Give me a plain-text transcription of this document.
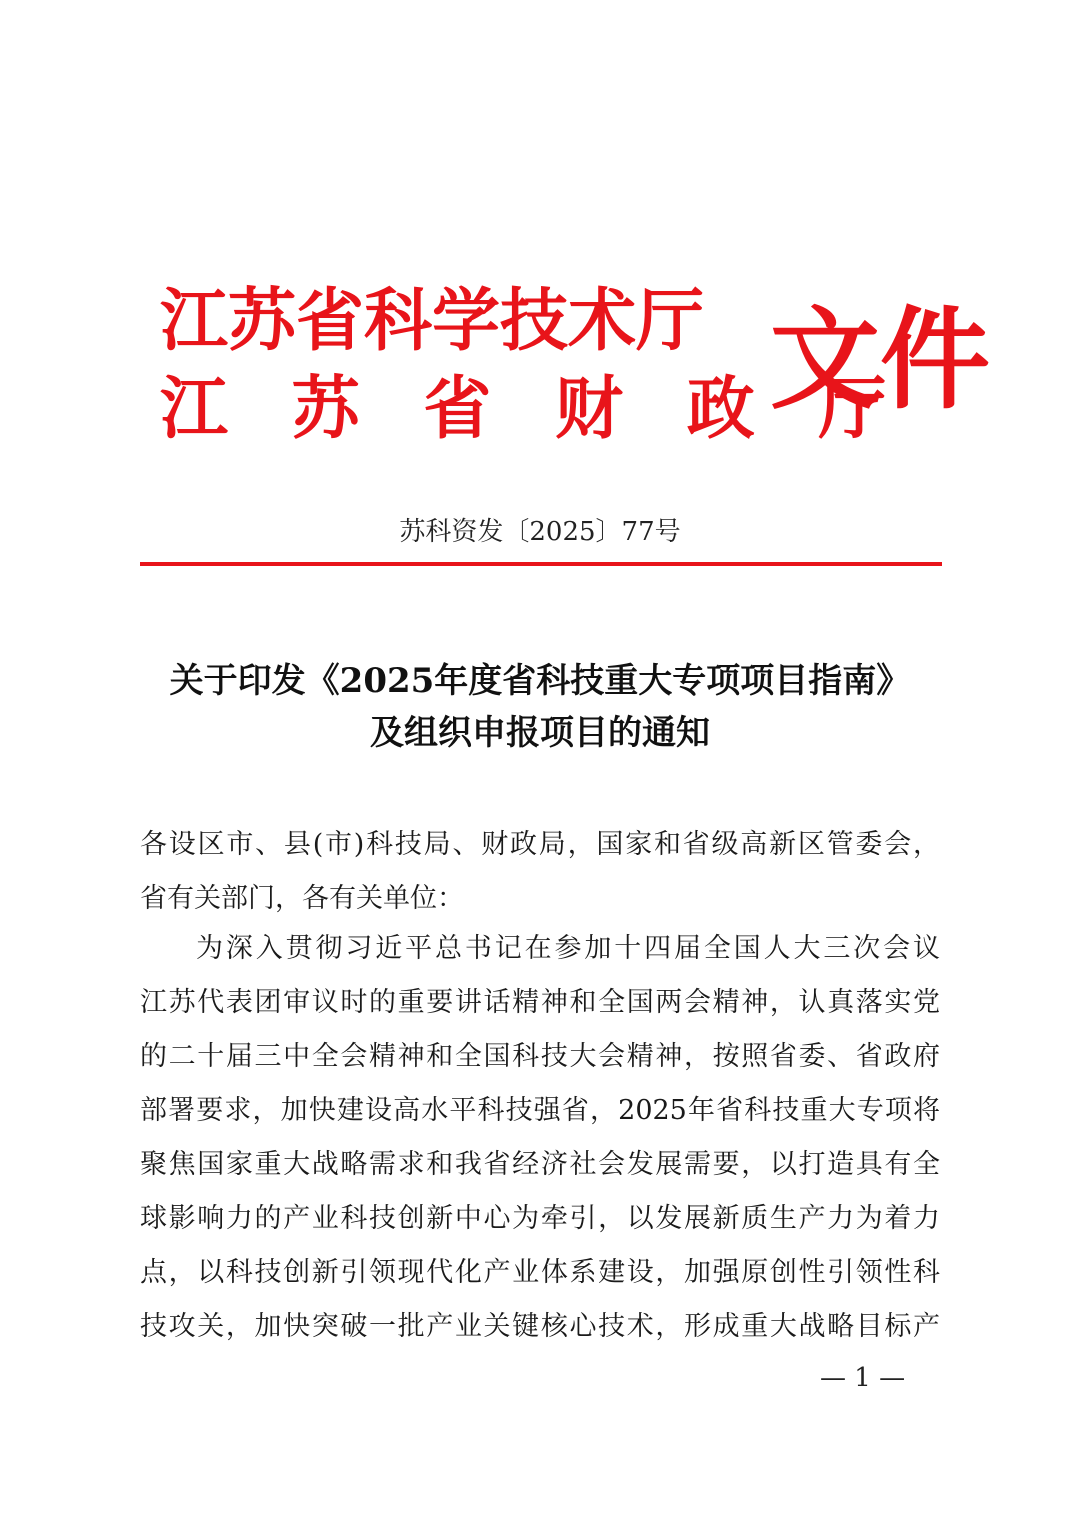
江苏省科学技术厅
江 苏 省 财 政 厅
文件
苏科资发〔2025〕77号
关于印发《2025年度省科技重大专项项目指南》
及组织申报项目的通知
各设区市、县(市)科技局、财政局，国家和省级高新区管委会，
省有关部门，各有关单位：
为深入贯彻习近平总书记在参加十四届全国人大三次会议
江苏代表团审议时的重要讲话精神和全国两会精神，认真落实党
的二十届三中全会精神和全国科技大会精神，按照省委、省政府
部署要求，加快建设高水平科技强省，2025年省科技重大专项将
聚焦国家重大战略需求和我省经济社会发展需要，以打造具有全
球影响力的产业科技创新中心为牵引，以发展新质生产力为着力
点，以科技创新引领现代化产业体系建设，加强原创性引领性科
技攻关，加快突破一批产业关键核心技术，形成重大战略目标产
— 1 —
